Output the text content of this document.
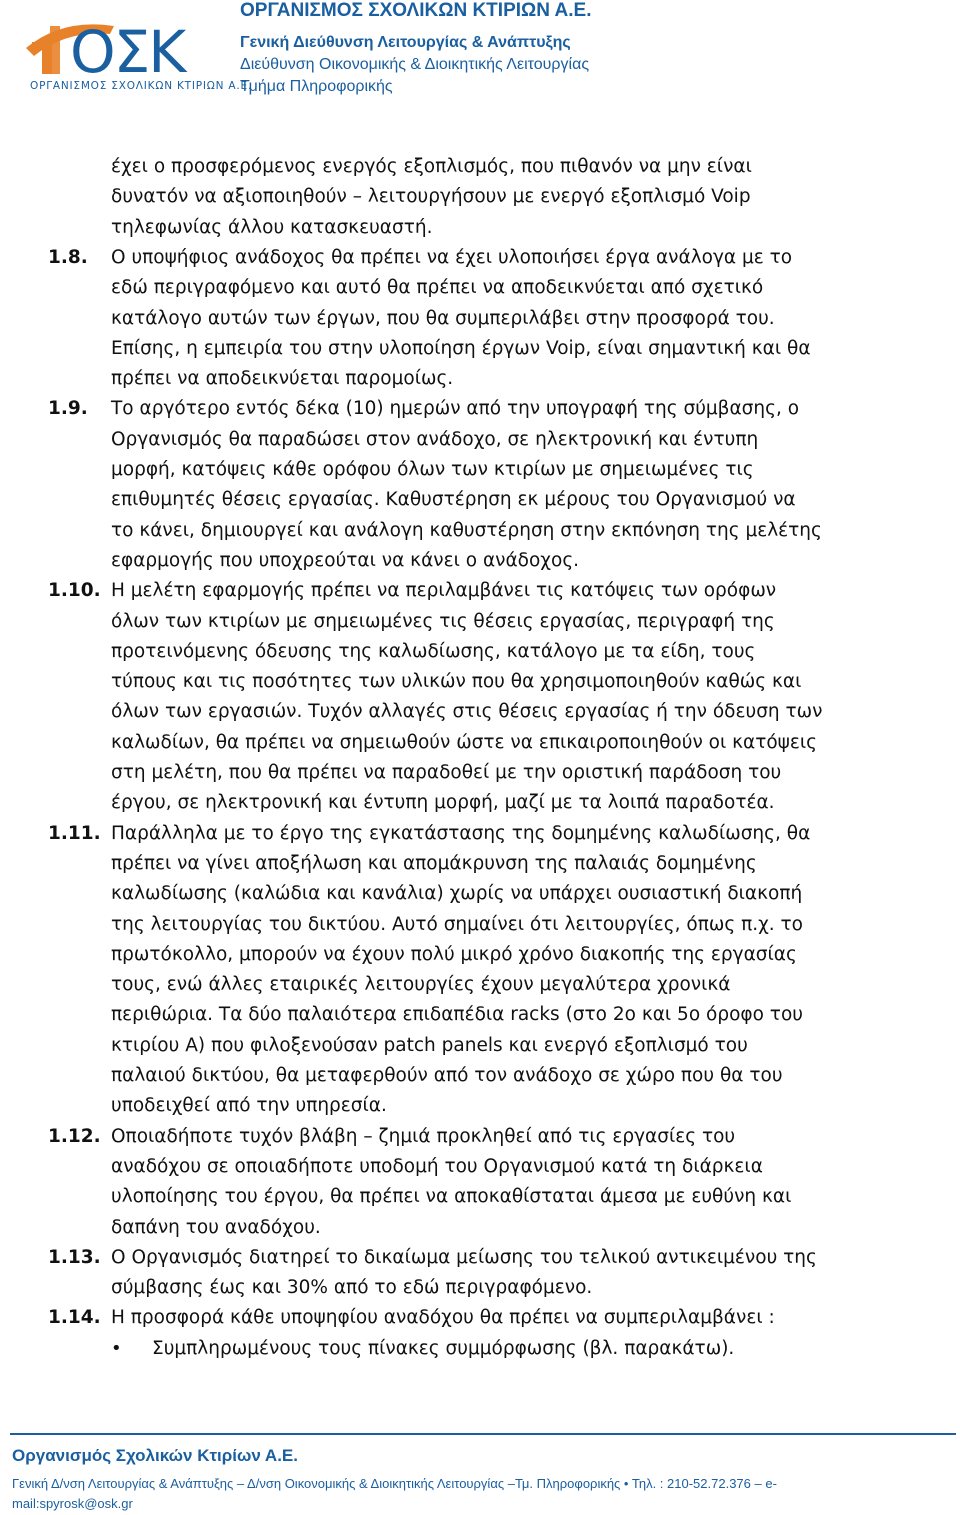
ΟΣΚ
ΟΡΓΑΝΙΣΜΟΣ ΣΧΟΛΙΚΩΝ ΚΤΙΡΙΩΝ Α.Ε.
ΟΡΓΑΝΙΣΜΟΣ ΣΧΟΛΙΚΩΝ ΚΤΙΡΙΩΝ Α.Ε.
Γενική Διεύθυνση Λειτουργίας & Ανάπτυξης
Διεύθυνση Οικονομικής & Διοικητικής Λειτουργίας
Τμήμα Πληροφορικής
έχει ο προσφερόμενος ενεργός εξοπλισμός, που πιθανόν να μην είναι
δυνατόν να αξιοποιηθούν – λειτουργήσουν με ενεργό εξοπλισμό Voip
τηλεφωνίας άλλου κατασκευαστή.
1.8. Ο υποψήφιος ανάδοχος θα πρέπει να έχει υλοποιήσει έργα ανάλογα με το
εδώ περιγραφόμενο και αυτό θα πρέπει να αποδεικνύεται από σχετικό
κατάλογο αυτών των έργων, που θα συμπεριλάβει στην προσφορά του.
Επίσης, η εμπειρία του στην υλοποίηση έργων Voip, είναι σημαντική και θα
πρέπει να αποδεικνύεται παρομοίως.
1.9. Το αργότερο εντός δέκα (10) ημερών από την υπογραφή της σύμβασης, ο
Οργανισμός θα παραδώσει στον ανάδοχο, σε ηλεκτρονική και έντυπη
μορφή, κατόψεις κάθε ορόφου όλων των κτιρίων με σημειωμένες τις
επιθυμητές θέσεις εργασίας. Καθυστέρηση εκ μέρους του Οργανισμού να
το κάνει, δημιουργεί και ανάλογη καθυστέρηση στην εκπόνηση της μελέτης
εφαρμογής που υποχρεούται να κάνει ο ανάδοχος.
1.10. Η μελέτη εφαρμογής πρέπει να περιλαμβάνει τις κατόψεις των ορόφων
όλων των κτιρίων με σημειωμένες τις θέσεις εργασίας, περιγραφή της
προτεινόμενης όδευσης της καλωδίωσης, κατάλογο με τα είδη, τους
τύπους και τις ποσότητες των υλικών που θα χρησιμοποιηθούν καθώς και
όλων των εργασιών. Τυχόν αλλαγές στις θέσεις εργασίας ή την όδευση των
καλωδίων, θα πρέπει να σημειωθούν ώστε να επικαιροποιηθούν οι κατόψεις
στη μελέτη, που θα πρέπει να παραδοθεί με την οριστική παράδοση του
έργου, σε ηλεκτρονική και έντυπη μορφή, μαζί με τα λοιπά παραδοτέα.
1.11. Παράλληλα με το έργο της εγκατάστασης της δομημένης καλωδίωσης, θα
πρέπει να γίνει αποξήλωση και απομάκρυνση της παλαιάς δομημένης
καλωδίωσης (καλώδια και κανάλια) χωρίς να υπάρχει ουσιαστική διακοπή
της λειτουργίας του δικτύου. Αυτό σημαίνει ότι λειτουργίες, όπως π.χ. το
πρωτόκολλο, μπορούν να έχουν πολύ μικρό χρόνο διακοπής της εργασίας
τους, ενώ άλλες εταιρικές λειτουργίες έχουν μεγαλύτερα χρονικά
περιθώρια. Τα δύο παλαιότερα επιδαπέδια racks (στο 2ο και 5ο όροφο του
κτιρίου Α) που φιλοξενούσαν patch panels και ενεργό εξοπλισμό του
παλαιού δικτύου, θα μεταφερθούν από τον ανάδοχο σε χώρο που θα του
υποδειχθεί από την υπηρεσία.
1.12. Οποιαδήποτε τυχόν βλάβη – ζημιά προκληθεί από τις εργασίες του
αναδόχου σε οποιαδήποτε υποδομή του Οργανισμού κατά τη διάρκεια
υλοποίησης του έργου, θα πρέπει να αποκαθίσταται άμεσα με ευθύνη και
δαπάνη του αναδόχου.
1.13. Ο Οργανισμός διατηρεί το δικαίωμα μείωσης του τελικού αντικειμένου της
σύμβασης έως και 30% από το εδώ περιγραφόμενο.
1.14. Η προσφορά κάθε υποψηφίου αναδόχου θα πρέπει να συμπεριλαμβάνει :
• Συμπληρωμένους τους πίνακες συμμόρφωσης (βλ. παρακάτω).
Οργανισμός Σχολικών Κτιρίων Α.Ε.
Γενική Δ/νση Λειτουργίας & Ανάπτυξης – Δ/νση Οικονομικής & Διοικητικής Λειτουργίας –Τμ. Πληροφορικής • Τηλ. : 210-52.72.376 – e-mail:spyrosk@osk.gr
